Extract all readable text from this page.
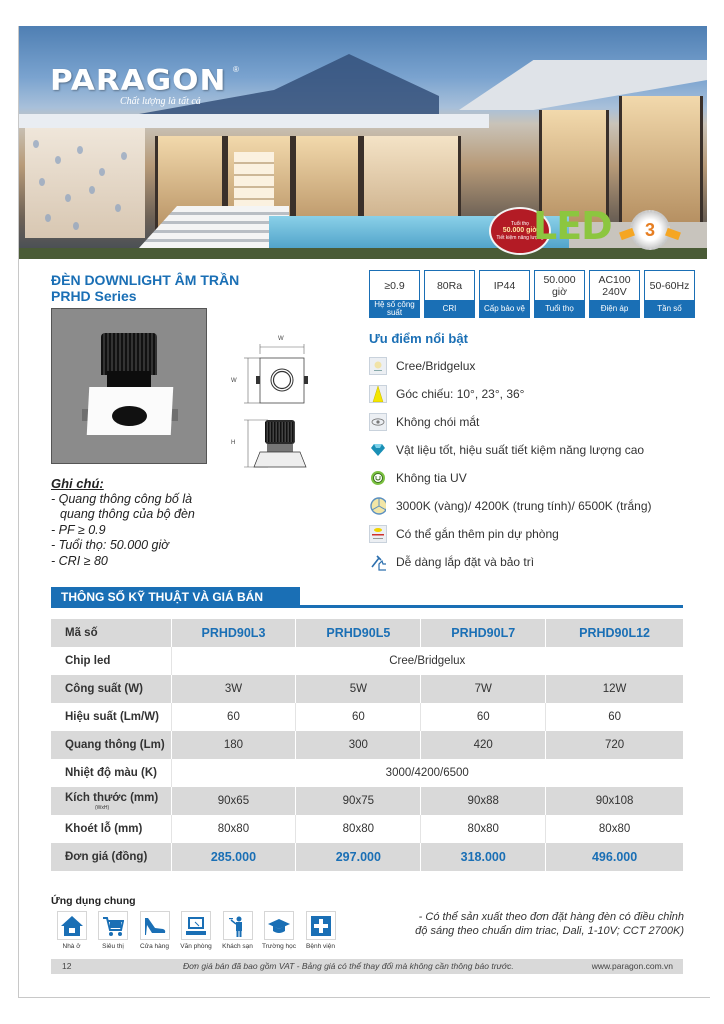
Tuổi thọ
50.000 giờ
Tiết kiệm năng lượng
LED	3
PARAGON ®
Chất lượng là tất cả
ĐÈN DOWNLIGHT ÂM TRẦN
PRHD Series
≥0.9
Hệ số công suất
80Ra
CRI
IP44
Cấp bảo vệ
50.000 giờ
Tuổi thọ
AC100 240V
Điện áp
50-60Hz
Tần số
W
W
H
Ghi chú:
- Quang thông công bố là
quang thông của bộ đèn
- PF ≥ 0.9
- Tuổi thọ: 50.000 giờ
- CRI ≥ 80
Ưu điểm nổi bật
Cree/Bridgelux
Góc chiếu: 10°, 23°, 36°
Không chói mắt
Vật liệu tốt, hiệu suất tiết kiệm năng lượng cao
Không tia UV
3000K (vàng)/ 4200K (trung tính)/ 6500K (trắng)
Có thể gắn thêm pin dự phòng
Dễ dàng lắp đặt và bảo trì
THÔNG SỐ KỸ THUẬT VÀ GIÁ BÁN
Mã số	PRHD90L3	PRHD90L5	PRHD90L7	PRHD90L12
Chip led	Cree/Bridgelux			
Công suất (W)	3W	5W	7W	12W
Hiệu suất (Lm/W)	60	60	60	60
Quang thông (Lm)	180	300	420	720
Nhiệt độ màu (K)	3000/4200/6500			

Kích thước (mm)
(WxH)	90x65	90x75	90x88	90x108
Khoét lỗ (mm)	80x80	80x80	80x80	80x80
Đơn giá (đồng)	285.000	297.000	318.000	496.000
Ứng dụng chung
Nhà ở	Siêu thị	Cửa hàng	Văn phòng	Khách sạn	Trường học	Bệnh viện
- Có thể sản xuất theo đơn đặt hàng đèn có điều chỉnh
độ sáng theo chuẩn dim triac, Dali, 1-10V; CCT 2700K)
12	Đơn giá bán đã bao gồm VAT - Bảng giá có thể thay đổi mà không cần thông báo trước.	www.paragon.com.vn
